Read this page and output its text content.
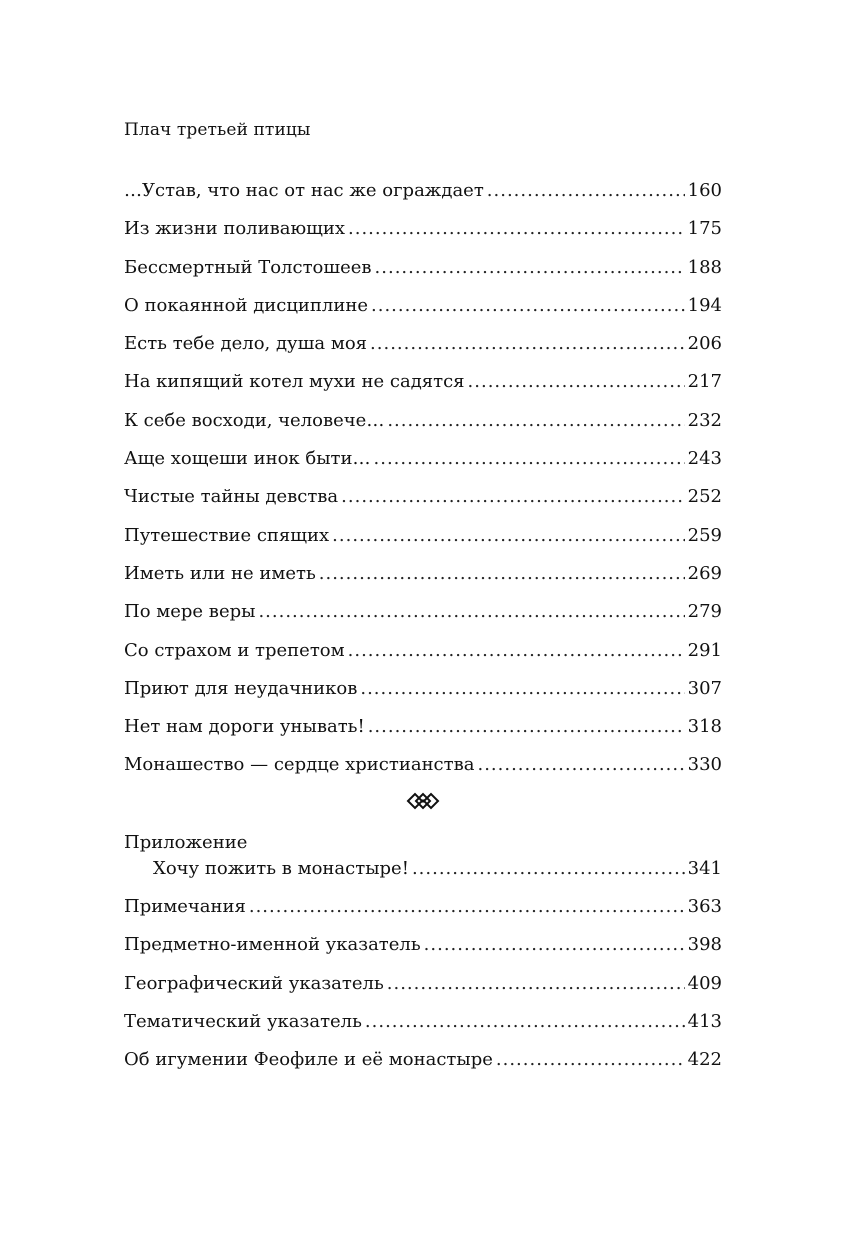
Плач третьей птицы
…Устав, что нас от нас же ограждает .....	160
Из жизни поливающих .....	175
Бессмертный Толстошеев .....	188
О покаянной дисциплине .....	194
Есть тебе дело, душа моя .....	206
На кипящий котел мухи не садятся .....	217
К себе восходи, человече… .....	232
Аще хощеши инок быти… .....	243
Чистые тайны девства .....	252
Путешествие спящих .....	259
Иметь или не иметь .....	269
По мере веры .....	279
Со страхом и трепетом .....	291
Приют для неудачников .....	307
Нет нам дороги унывать! .....	318
Монашество — сердце христианства .....	330
Приложение
Хочу пожить в монастыре! .....	341
Примечания .....	363
Предметно-именной указатель .....	398
Географический указатель .....	409
Тематический указатель .....	413
Об игумении Феофиле и её монастыре .....	422
